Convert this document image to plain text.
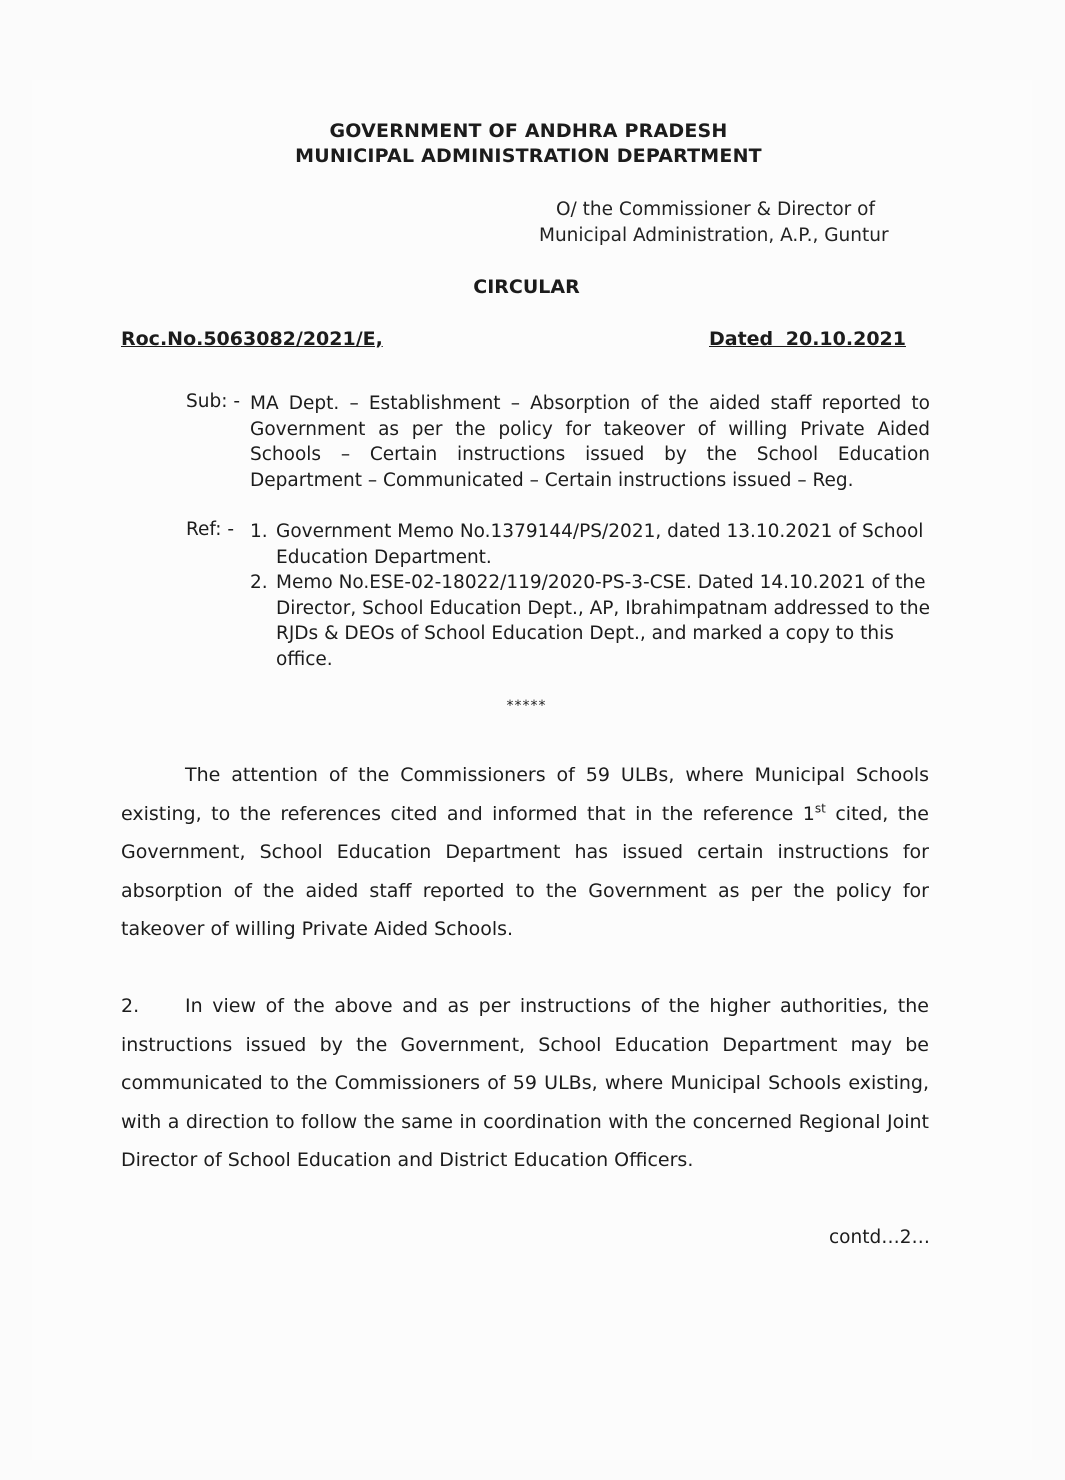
GOVERNMENT OF ANDHRA PRADESH
MUNICIPAL ADMINISTRATION DEPARTMENT
O/ the Commissioner & Director of
Municipal Administration, A.P., Guntur
CIRCULAR
Roc.No.5063082/2021/E,	Dated 20.10.2021
Sub: - MA Dept. – Establishment – Absorption of the aided staff reported to Government as per the policy for takeover of willing Private Aided Schools – Certain instructions issued by the School Education Department – Communicated – Certain instructions issued – Reg.
Ref: - 1. Government Memo No.1379144/PS/2021, dated 13.10.2021 of School Education Department.
2. Memo No.ESE-02-18022/119/2020-PS-3-CSE. Dated 14.10.2021 of the Director, School Education Dept., AP, Ibrahimpatnam addressed to the RJDs & DEOs of School Education Dept., and marked a copy to this office.
*****
The attention of the Commissioners of 59 ULBs, where Municipal Schools existing, to the references cited and informed that in the reference 1st cited, the Government, School Education Department has issued certain instructions for absorption of the aided staff reported to the Government as per the policy for takeover of willing Private Aided Schools.
2. In view of the above and as per instructions of the higher authorities, the instructions issued by the Government, School Education Department may be communicated to the Commissioners of 59 ULBs, where Municipal Schools existing, with a direction to follow the same in coordination with the concerned Regional Joint Director of School Education and District Education Officers.
contd…2…
